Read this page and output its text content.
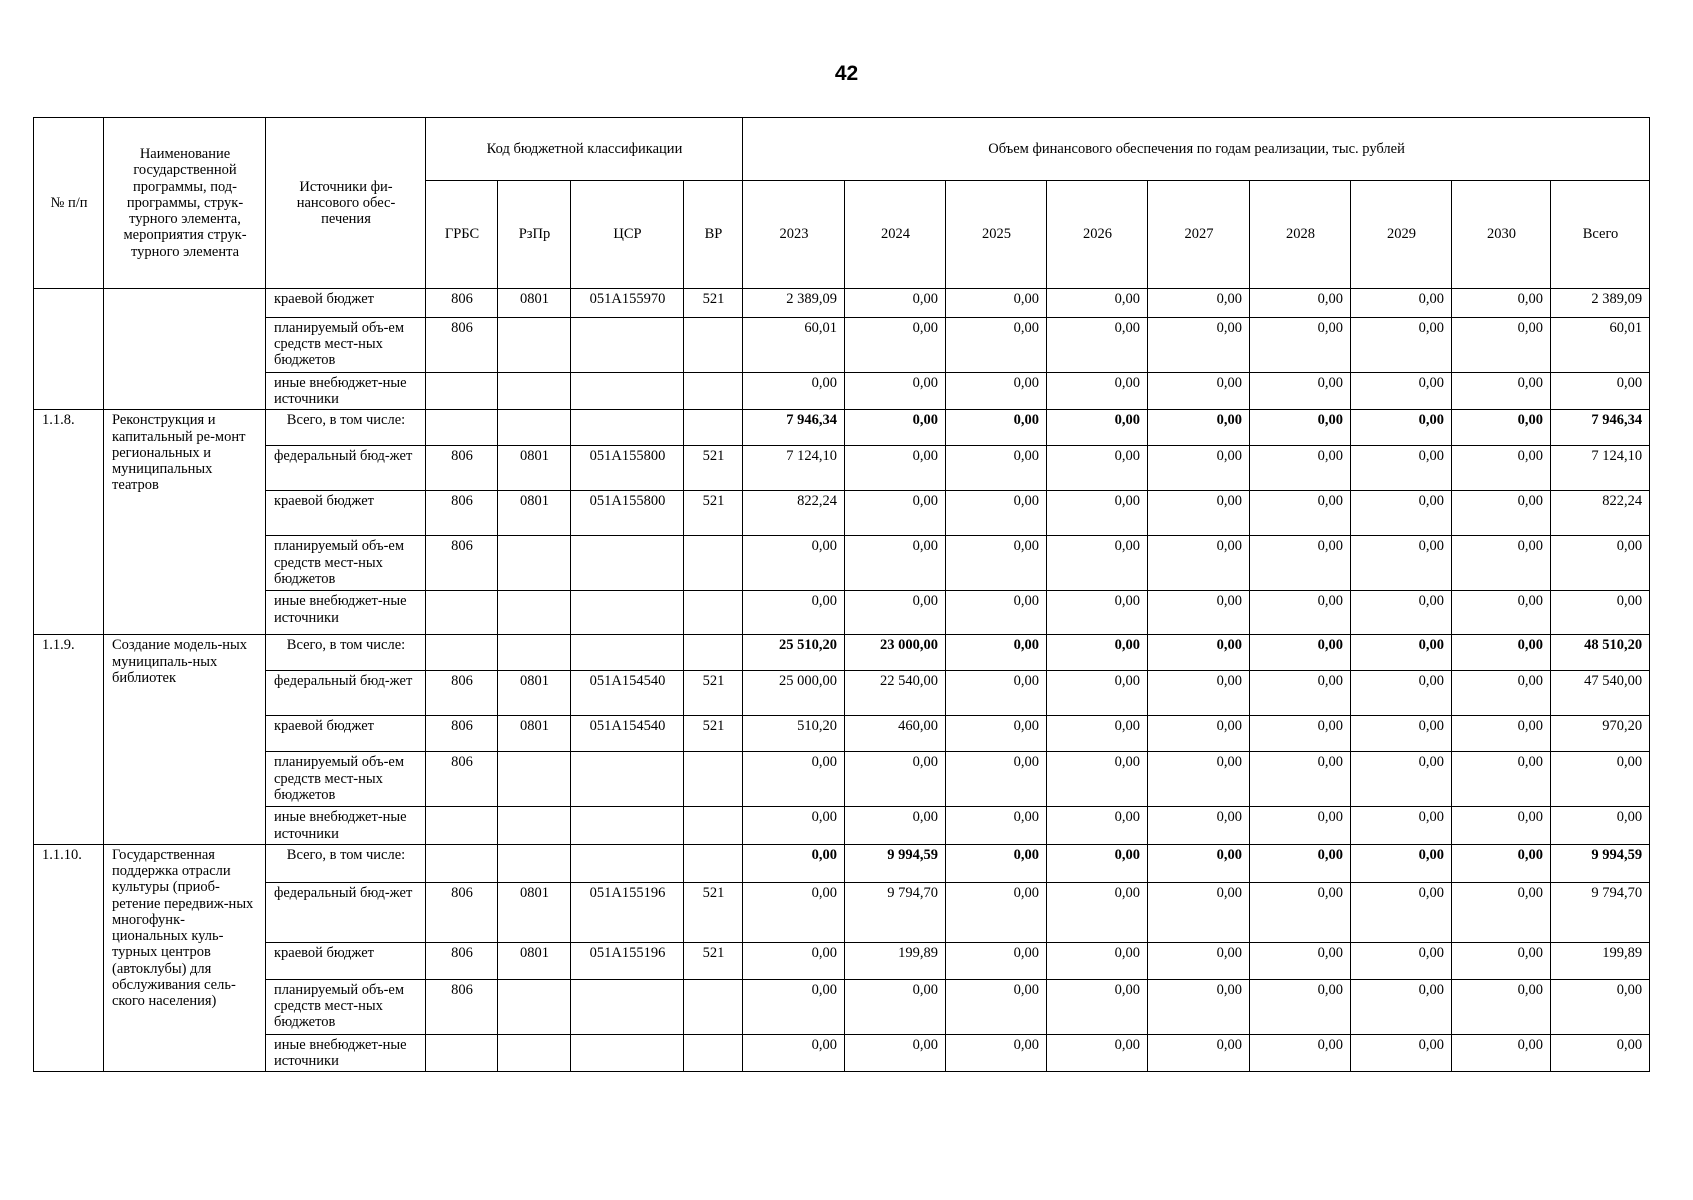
42
№ п/п	Наименование государственной программы, под-программы, струк-турного элемента, мероприятия струк-турного элемента	Источники фи-нансового обес-печения	Код бюджетной классификации				Объем финансового обеспечения по годам реализации, тыс. рублей								
			ГРБС	РзПр	ЦСР	ВР	2023	2024	2025	2026	2027	2028	2029	2030	Всего
		краевой бюджет	806	0801	051А155970	521	2 389,09	0,00	0,00	0,00	0,00	0,00	0,00	0,00	2 389,09
		планируемый объ-ем средств мест-ных бюджетов	806				60,01	0,00	0,00	0,00	0,00	0,00	0,00	0,00	60,01
		иные внебюджет-ные источники					0,00	0,00	0,00	0,00	0,00	0,00	0,00	0,00	0,00
1.1.8.	Реконструкция и капитальный ре-монт региональных и муниципальных театров	Всего, в том числе:					7 946,34	0,00	0,00	0,00	0,00	0,00	0,00	0,00	7 946,34
		федеральный бюд-жет	806	0801	051А155800	521	7 124,10	0,00	0,00	0,00	0,00	0,00	0,00	0,00	7 124,10
		краевой бюджет	806	0801	051А155800	521	822,24	0,00	0,00	0,00	0,00	0,00	0,00	0,00	822,24
		планируемый объ-ем средств мест-ных бюджетов	806				0,00	0,00	0,00	0,00	0,00	0,00	0,00	0,00	0,00
		иные внебюджет-ные источники					0,00	0,00	0,00	0,00	0,00	0,00	0,00	0,00	0,00
1.1.9.	Создание модель-ных муниципаль-ных библиотек	Всего, в том числе:					25 510,20	23 000,00	0,00	0,00	0,00	0,00	0,00	0,00	48 510,20
		федеральный бюд-жет	806	0801	051А154540	521	25 000,00	22 540,00	0,00	0,00	0,00	0,00	0,00	0,00	47 540,00
		краевой бюджет	806	0801	051А154540	521	510,20	460,00	0,00	0,00	0,00	0,00	0,00	0,00	970,20
		планируемый объ-ем средств мест-ных бюджетов	806				0,00	0,00	0,00	0,00	0,00	0,00	0,00	0,00	0,00
		иные внебюджет-ные источники					0,00	0,00	0,00	0,00	0,00	0,00	0,00	0,00	0,00
1.1.10.	Государственная поддержка отрасли культуры (приоб-ретение передвиж-ных многофунк-циональных куль-турных центров (автоклубы) для обслуживания сель-ского населения)	Всего, в том числе:					0,00	9 994,59	0,00	0,00	0,00	0,00	0,00	0,00	9 994,59
		федеральный бюд-жет	806	0801	051А155196	521	0,00	9 794,70	0,00	0,00	0,00	0,00	0,00	0,00	9 794,70
		краевой бюджет	806	0801	051А155196	521	0,00	199,89	0,00	0,00	0,00	0,00	0,00	0,00	199,89
		планируемый объ-ем средств мест-ных бюджетов	806				0,00	0,00	0,00	0,00	0,00	0,00	0,00	0,00	0,00
		иные внебюджет-ные источники					0,00	0,00	0,00	0,00	0,00	0,00	0,00	0,00	0,00
